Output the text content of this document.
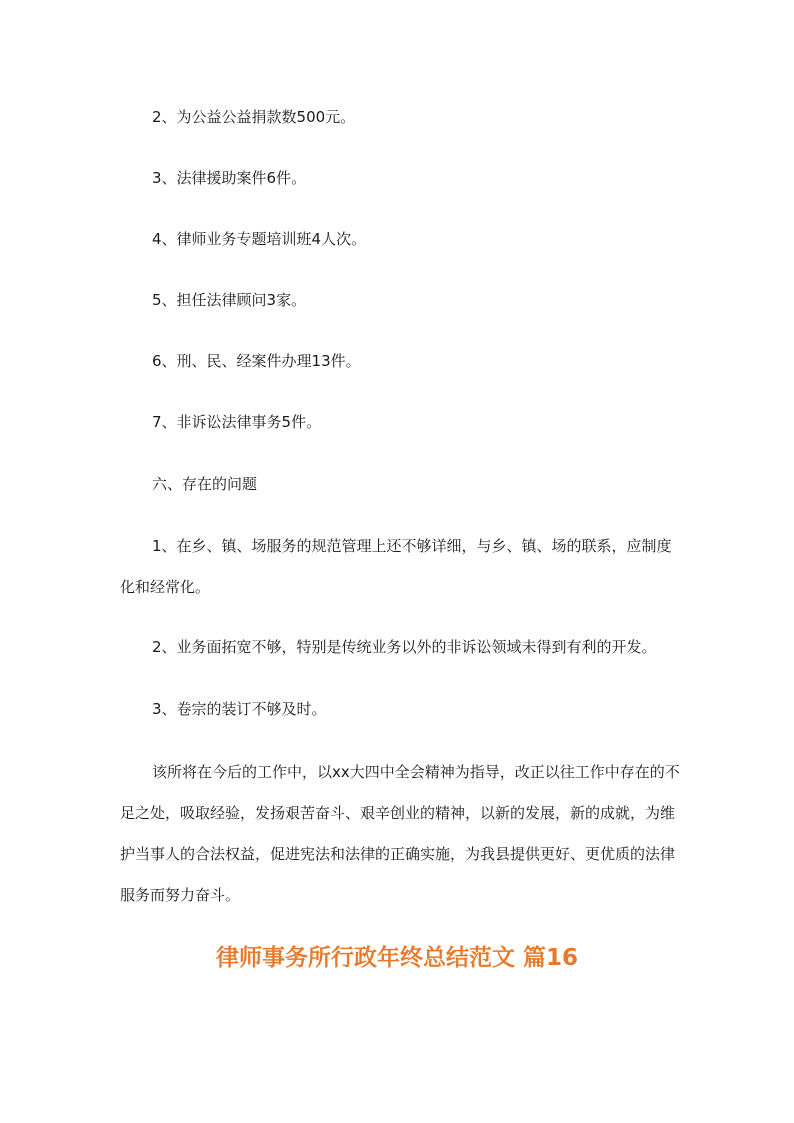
2、为公益公益捐款数500元。

3、法律援助案件6件。

4、律师业务专题培训班4人次。

5、担任法律顾问3家。

6、刑、民、经案件办理13件。

7、非诉讼法律事务5件。

六、存在的问题

1、在乡、镇、场服务的规范管理上还不够详细，与乡、镇、场的联系，应制度化和经常化。

2、业务面拓宽不够，特别是传统业务以外的非诉讼领域未得到有利的开发。

3、卷宗的装订不够及时。

该所将在今后的工作中，以xx大四中全会精神为指导，改正以往工作中存在的不足之处，吸取经验，发扬艰苦奋斗、艰辛创业的精神，以新的发展，新的成就，为维护当事人的合法权益，促进宪法和法律的正确实施，为我县提供更好、更优质的法律服务而努力奋斗。

律师事务所行政年终总结范文 篇16
